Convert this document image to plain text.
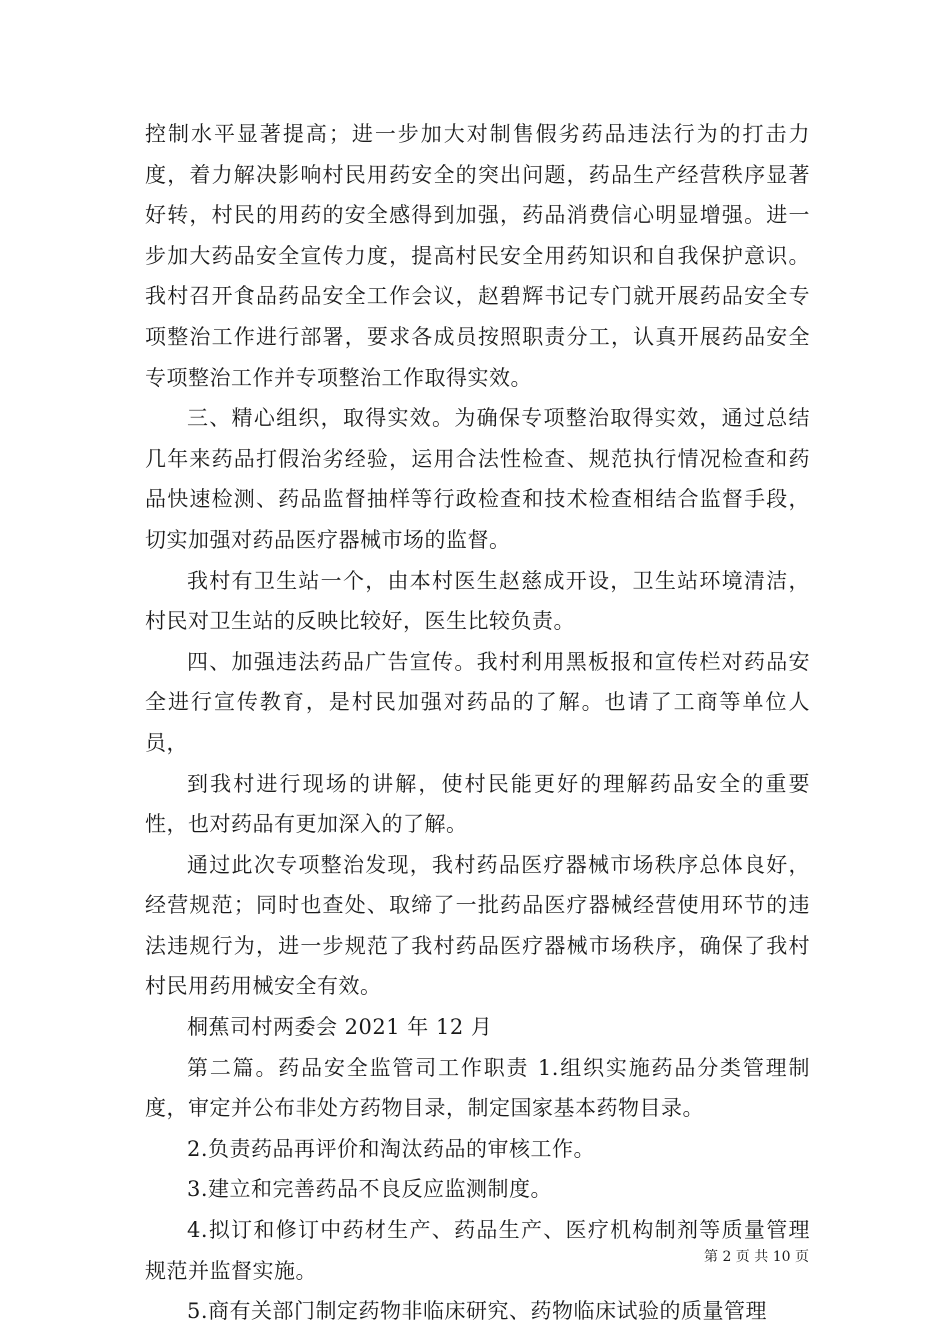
控制水平显著提高；进一步加大对制售假劣药品违法行为的打击力度，着力解决影响村民用药安全的突出问题，药品生产经营秩序显著好转，村民的用药的安全感得到加强，药品消费信心明显增强。进一步加大药品安全宣传力度，提高村民安全用药知识和自我保护意识。我村召开食品药品安全工作会议，赵碧辉书记专门就开展药品安全专项整治工作进行部署，要求各成员按照职责分工，认真开展药品安全专项整治工作并专项整治工作取得实效。

三、精心组织，取得实效。为确保专项整治取得实效，通过总结几年来药品打假治劣经验，运用合法性检查、规范执行情况检查和药品快速检测、药品监督抽样等行政检查和技术检查相结合监督手段，切实加强对药品医疗器械市场的监督。

我村有卫生站一个，由本村医生赵慈成开设，卫生站环境清洁，村民对卫生站的反映比较好，医生比较负责。

四、加强违法药品广告宣传。我村利用黑板报和宣传栏对药品安全进行宣传教育，是村民加强对药品的了解。也请了工商等单位人员，

到我村进行现场的讲解，使村民能更好的理解药品安全的重要性，也对药品有更加深入的了解。

通过此次专项整治发现，我村药品医疗器械市场秩序总体良好，经营规范；同时也查处、取缔了一批药品医疗器械经营使用环节的违法违规行为，进一步规范了我村药品医疗器械市场秩序，确保了我村村民用药用械安全有效。

桐蕉司村两委会 2021 年 12 月

第二篇。药品安全监管司工作职责 1.组织实施药品分类管理制度，审定并公布非处方药物目录，制定国家基本药物目录。

2.负责药品再评价和淘汰药品的审核工作。

3.建立和完善药品不良反应监测制度。

4.拟订和修订中药材生产、药品生产、医疗机构制剂等质量管理规范并监督实施。

5.商有关部门制定药物非临床研究、药物临床试验的质量管理

第 2 页 共 10 页
